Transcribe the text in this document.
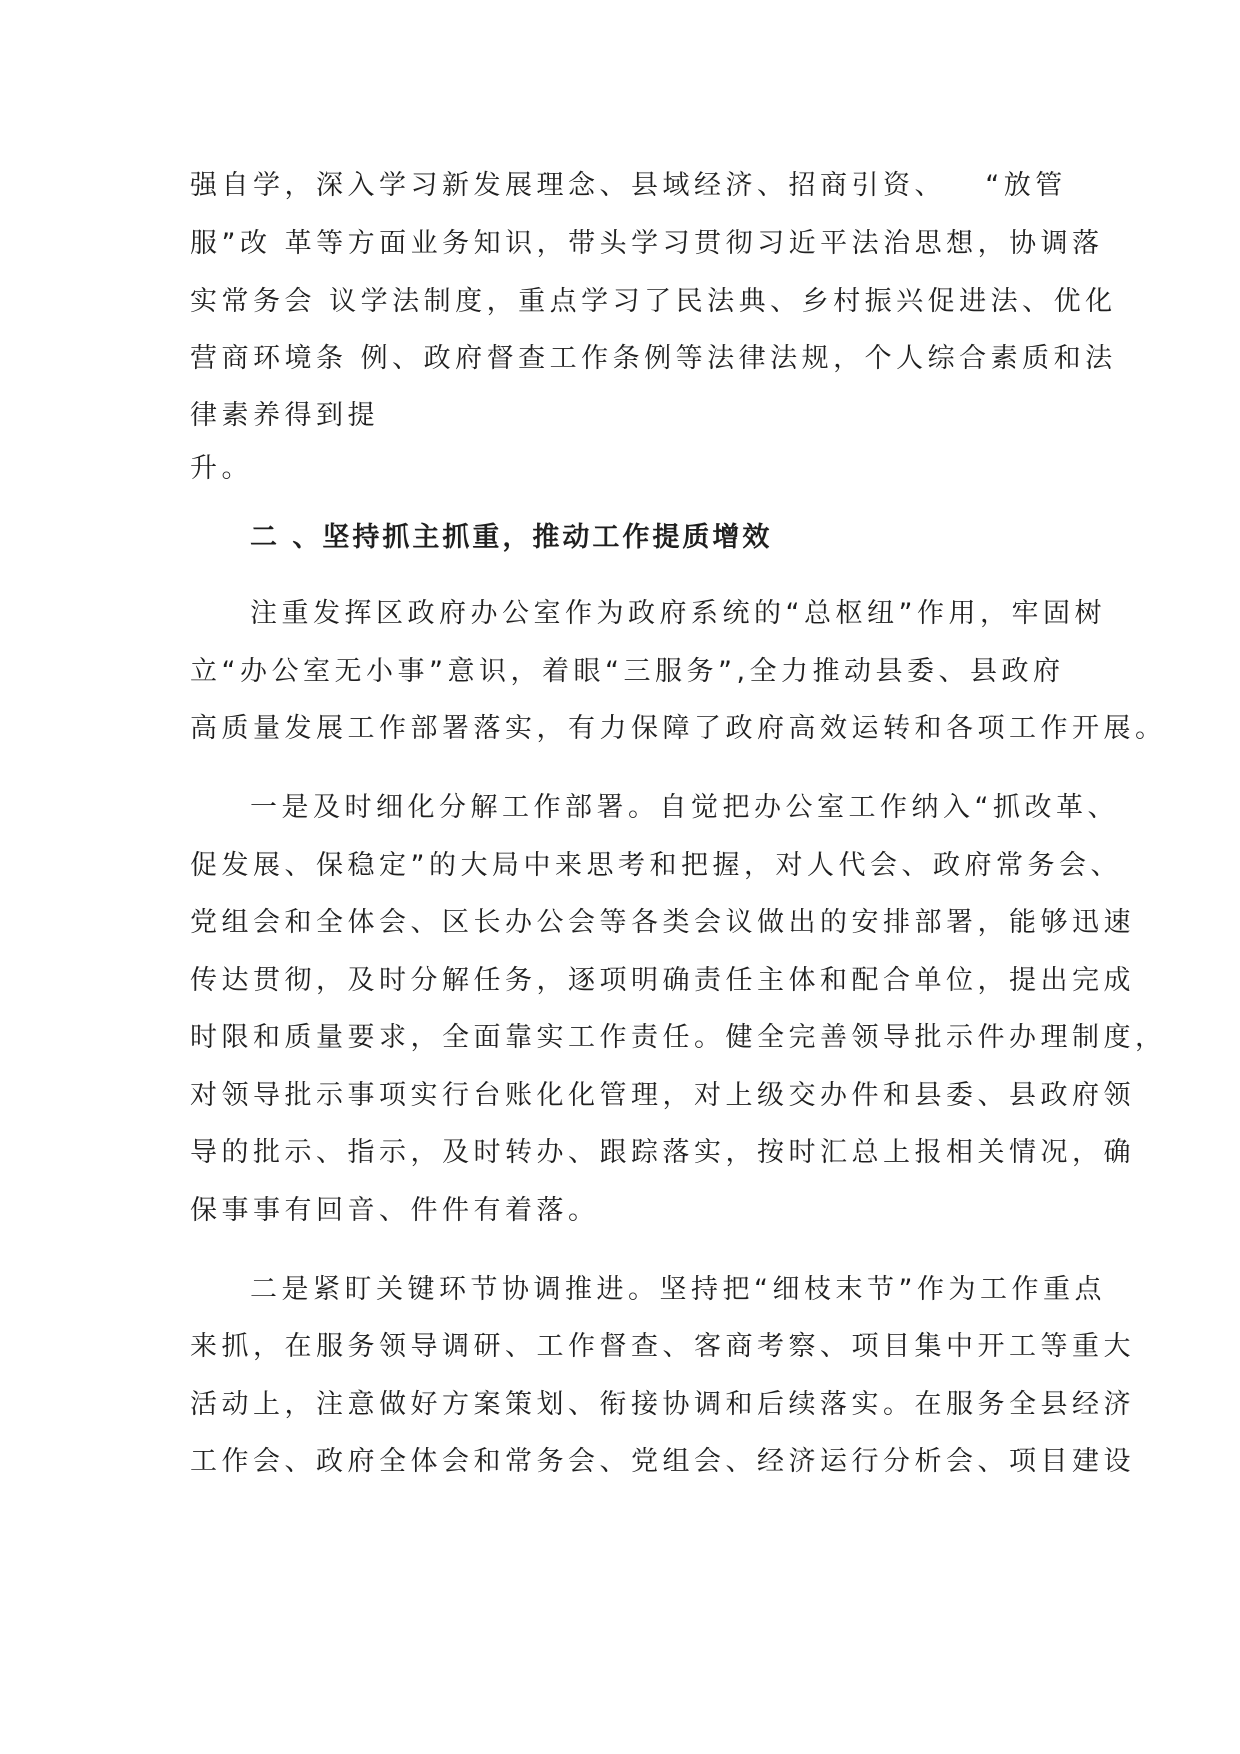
强自学，深入学习新发展理念、县域经济、招商引资、   “放管
服”改 革等方面业务知识，带头学习贯彻习近平法治思想，协调落
实常务会 议学法制度，重点学习了民法典、乡村振兴促进法、优化
营商环境条 例、政府督查工作条例等法律法规，个人综合素质和法
律素养得到提
升。
二 、坚持抓主抓重，推动工作提质增效
注重发挥区政府办公室作为政府系统的“总枢纽”作用，牢固树
立“办公室无小事”意识，着眼“三服务”,全力推动县委、县政府
高质量发展工作部署落实，有力保障了政府高效运转和各项工作开展。
一是及时细化分解工作部署。自觉把办公室工作纳入“抓改革、
促发展、保稳定”的大局中来思考和把握，对人代会、政府常务会、
党组会和全体会、区长办公会等各类会议做出的安排部署，能够迅速
传达贯彻，及时分解任务，逐项明确责任主体和配合单位，提出完成
时限和质量要求，全面靠实工作责任。健全完善领导批示件办理制度，
对领导批示事项实行台账化化管理，对上级交办件和县委、县政府领
导的批示、指示，及时转办、跟踪落实，按时汇总上报相关情况，确
保事事有回音、件件有着落。
二是紧盯关键环节协调推进。坚持把“细枝末节”作为工作重点
来抓，在服务领导调研、工作督查、客商考察、项目集中开工等重大
活动上，注意做好方案策划、衔接协调和后续落实。在服务全县经济
工作会、政府全体会和常务会、党组会、经济运行分析会、项目建设
